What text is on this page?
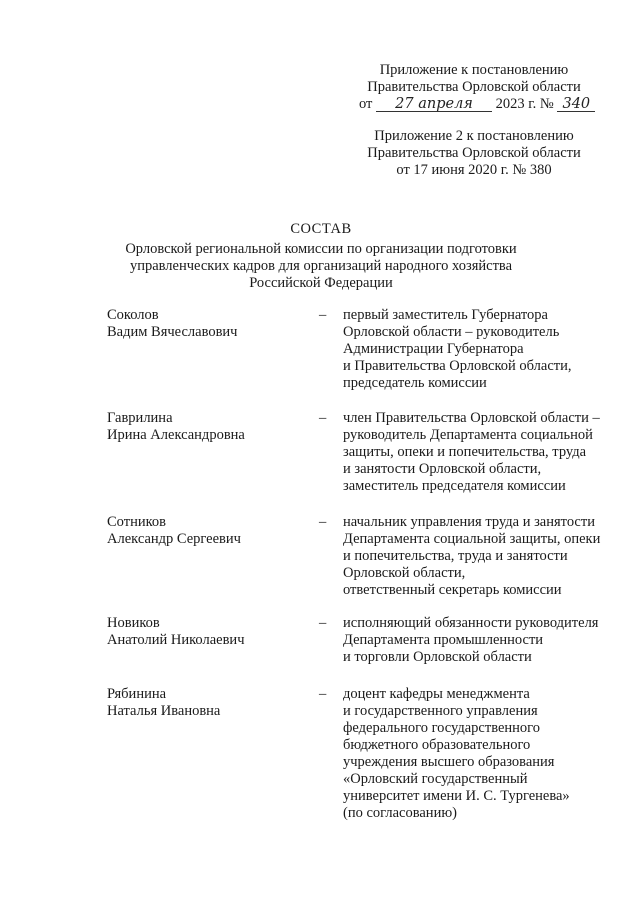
Приложение к постановлению
Правительства Орловской области
от 27 апреля 2023 г. № 340
Приложение 2 к постановлению
Правительства Орловской области
от 17 июня 2020 г. № 380
СОСТАВ
Орловской региональной комиссии по организации подготовки
управленческих кадров для организаций народного хозяйства
Российской Федерации
Соколов
Вадим Вячеславович
– первый заместитель Губернатора
Орловской области – руководитель
Администрации Губернатора
и Правительства Орловской области,
председатель комиссии
Гаврилина
Ирина Александровна
– член Правительства Орловской области –
руководитель Департамента социальной
защиты, опеки и попечительства, труда
и занятости Орловской области,
заместитель председателя комиссии
Сотников
Александр Сергеевич
– начальник управления труда и занятости
Департамента социальной защиты, опеки
и попечительства, труда и занятости
Орловской области,
ответственный секретарь комиссии
Новиков
Анатолий Николаевич
– исполняющий обязанности руководителя
Департамента промышленности
и торговли Орловской области
Рябинина
Наталья Ивановна
– доцент кафедры менеджмента
и государственного управления
федерального государственного
бюджетного образовательного
учреждения высшего образования
«Орловский государственный
университет имени И. С. Тургенева»
(по согласованию)
